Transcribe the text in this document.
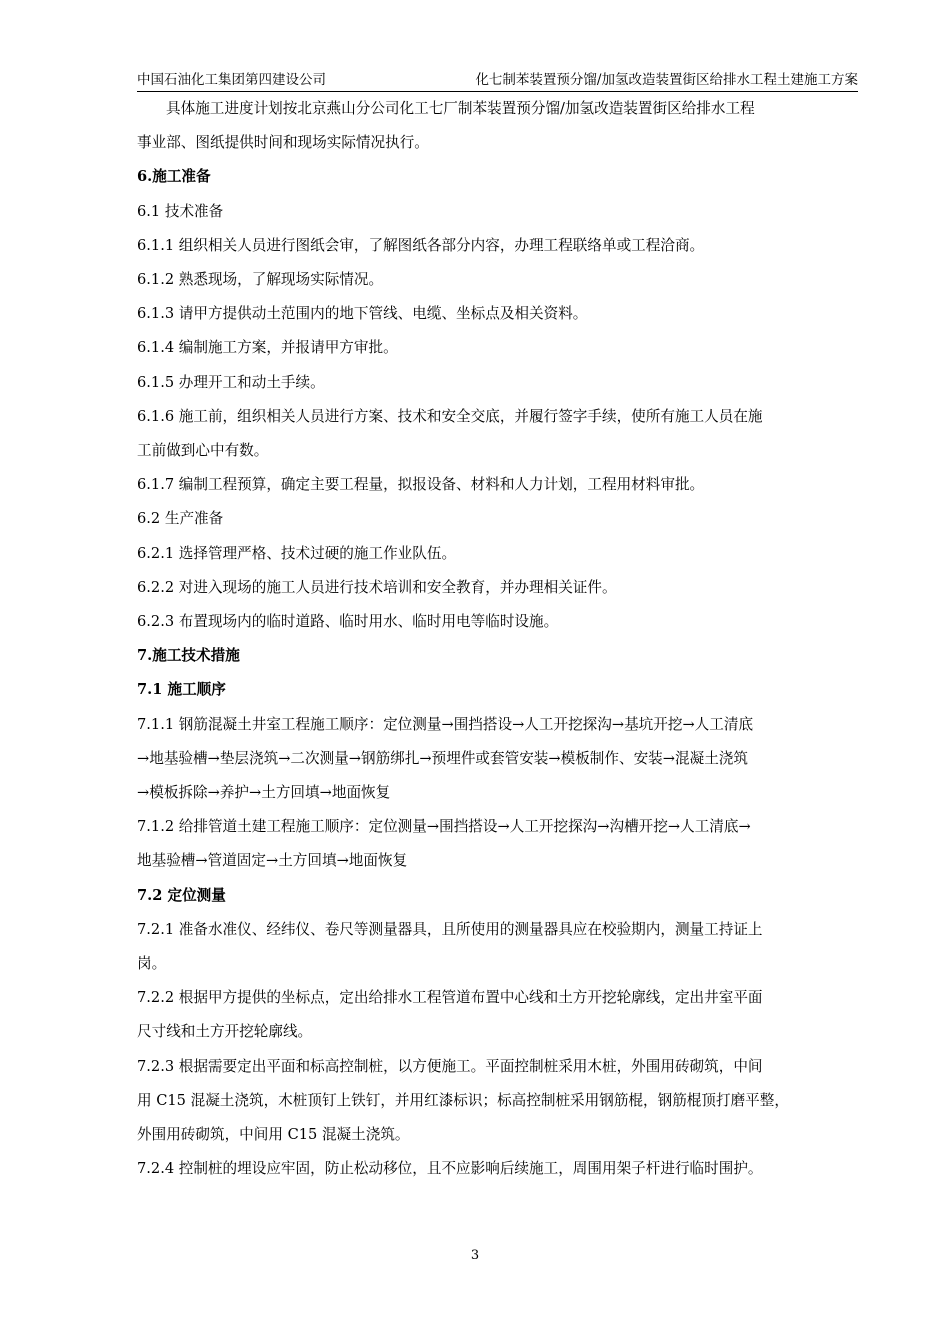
中国石油化工集团第四建设公司	化七制苯装置预分馏/加氢改造装置街区给排水工程土建施工方案

具体施工进度计划按北京燕山分公司化工七厂制苯装置预分馏/加氢改造装置街区给排水工程

事业部、图纸提供时间和现场实际情况执行。

6.施工准备

6.1 技术准备

6.1.1 组织相关人员进行图纸会审，了解图纸各部分内容，办理工程联络单或工程洽商。

6.1.2 熟悉现场，了解现场实际情况。

6.1.3 请甲方提供动土范围内的地下管线、电缆、坐标点及相关资料。

6.1.4 编制施工方案，并报请甲方审批。

6.1.5 办理开工和动土手续。

6.1.6 施工前，组织相关人员进行方案、技术和安全交底，并履行签字手续，使所有施工人员在施

工前做到心中有数。

6.1.7 编制工程预算，确定主要工程量，拟报设备、材料和人力计划，工程用材料审批。

6.2 生产准备

6.2.1 选择管理严格、技术过硬的施工作业队伍。

6.2.2 对进入现场的施工人员进行技术培训和安全教育，并办理相关证件。

6.2.3 布置现场内的临时道路、临时用水、临时用电等临时设施。

7.施工技术措施

7.1 施工顺序

7.1.1 钢筋混凝土井室工程施工顺序：定位测量→围挡搭设→人工开挖探沟→基坑开挖→人工清底

→地基验槽→垫层浇筑→二次测量→钢筋绑扎→预埋件或套管安装→模板制作、安装→混凝土浇筑

→模板拆除→养护→土方回填→地面恢复

7.1.2 给排管道土建工程施工顺序：定位测量→围挡搭设→人工开挖探沟→沟槽开挖→人工清底→

地基验槽→管道固定→土方回填→地面恢复

7.2 定位测量

7.2.1 准备水准仪、经纬仪、卷尺等测量器具，且所使用的测量器具应在校验期内，测量工持证上

岗。

7.2.2 根据甲方提供的坐标点，定出给排水工程管道布置中心线和土方开挖轮廓线，定出井室平面

尺寸线和土方开挖轮廓线。

7.2.3 根据需要定出平面和标高控制桩，以方便施工。平面控制桩采用木桩，外围用砖砌筑，中间

用 C15 混凝土浇筑，木桩顶钉上铁钉，并用红漆标识；标高控制桩采用钢筋棍，钢筋棍顶打磨平整，

外围用砖砌筑，中间用 C15 混凝土浇筑。

7.2.4 控制桩的埋设应牢固，防止松动移位，且不应影响后续施工，周围用架子杆进行临时围护。

3
